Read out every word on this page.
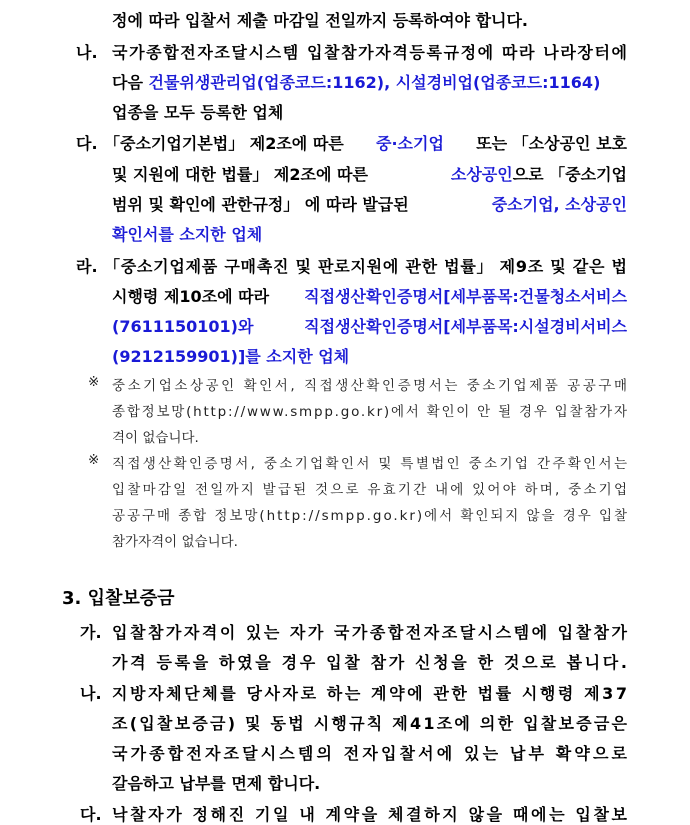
정에 따라 입찰서 제출 마감일 전일까지 등록하여야 합니다.
나. 국가종합전자조달시스템 입찰참가자격등록규정에 따라 나라장터에
다음 건물위생관리업(업종코드:1162), 시설경비업(업종코드:1164)
업종을 모두 등록한 업체
다. 「중소기업기본법」 제2조에 따른 중·소기업 또는 「소상공인 보호
및 지원에 대한 법률」 제2조에 따른	소상공인으로 「중소기업
범위 및 확인에 관한규정」 에 따라 발급된	중소기업, 소상공인
확인서를 소지한 업체
라. 「중소기업제품 구매촉진 및 판로지원에 관한 법률」 제9조 및 같은 법
시행령 제10조에 따라 직접생산확인증명서[세부품목:건물청소서비스
(7611150101)와	직접생산확인증명서[세부품목:시설경비서비스
(9212159901)]를 소지한 업체
※ 중소기업소상공인 확인서, 직접생산확인증명서는 중소기업제품 공공구매
종합정보망(http://www.smpp.go.kr)에서 확인이 안 될 경우 입찰참가자
격이 없습니다.
※ 직접생산확인증명서, 중소기업확인서 및 특별법인 중소기업 간주확인서는
입찰마감일 전일까지 발급된 것으로 유효기간 내에 있어야 하며, 중소기업
공공구매 종합 정보망(http://smpp.go.kr)에서 확인되지 않을 경우 입찰
참가자격이 없습니다.
3. 입찰보증금
가. 입찰참가자격이 있는 자가 국가종합전자조달시스템에 입찰참가
가격 등록을 하였을 경우 입찰 참가 신청을 한 것으로 봅니다.
나. 지방자체단체를 당사자로 하는 계약에 관한 법률 시행령 제37
조(입찰보증금) 및 동법 시행규칙 제41조에 의한 입찰보증금은
국가종합전자조달시스템의 전자입찰서에 있는 납부 확약으로
갈음하고 납부를 면제 합니다.
다. 낙찰자가 정해진 기일 내 계약을 체결하지 않을 때에는 입찰보
